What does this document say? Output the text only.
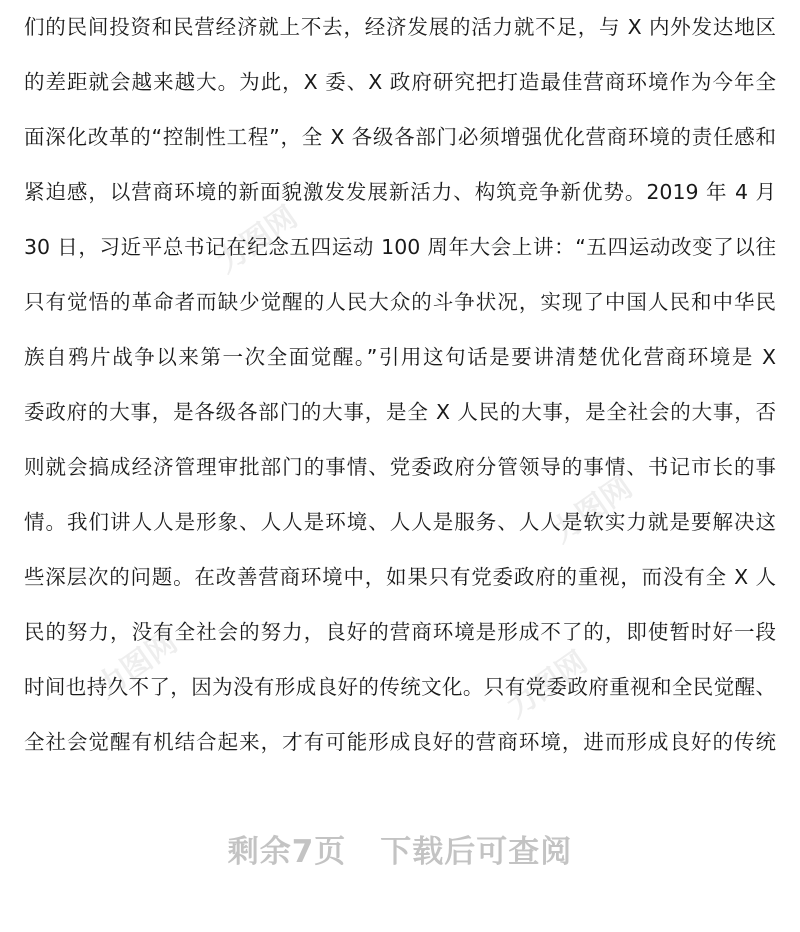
力图网
力图网
力图网	力图网
们的民间投资和民营经济就上不去，经济发展的活力就不足，与 X 内外发达地区
的差距就会越来越大。为此，X 委、X 政府研究把打造最佳营商环境作为今年全
面深化改革的“控制性工程”，全 X 各级各部门必须增强优化营商环境的责任感和
紧迫感，以营商环境的新面貌激发发展新活力、构筑竞争新优势。2019 年 4 月
30 日，习近平总书记在纪念五四运动 100 周年大会上讲：“五四运动改变了以往
只有觉悟的革命者而缺少觉醒的人民大众的斗争状况，实现了中国人民和中华民
族自鸦片战争以来第一次全面觉醒。”引用这句话是要讲清楚优化营商环境是 X
委政府的大事，是各级各部门的大事，是全 X 人民的大事，是全社会的大事，否
则就会搞成经济管理审批部门的事情、党委政府分管领导的事情、书记市长的事
情。我们讲人人是形象、人人是环境、人人是服务、人人是软实力就是要解决这
些深层次的问题。在改善营商环境中，如果只有党委政府的重视，而没有全 X 人
民的努力，没有全社会的努力，良好的营商环境是形成不了的，即使暂时好一段
时间也持久不了，因为没有形成良好的传统文化。只有党委政府重视和全民觉醒、
全社会觉醒有机结合起来，才有可能形成良好的营商环境，进而形成良好的传统
剩余7页 下载后可查阅
